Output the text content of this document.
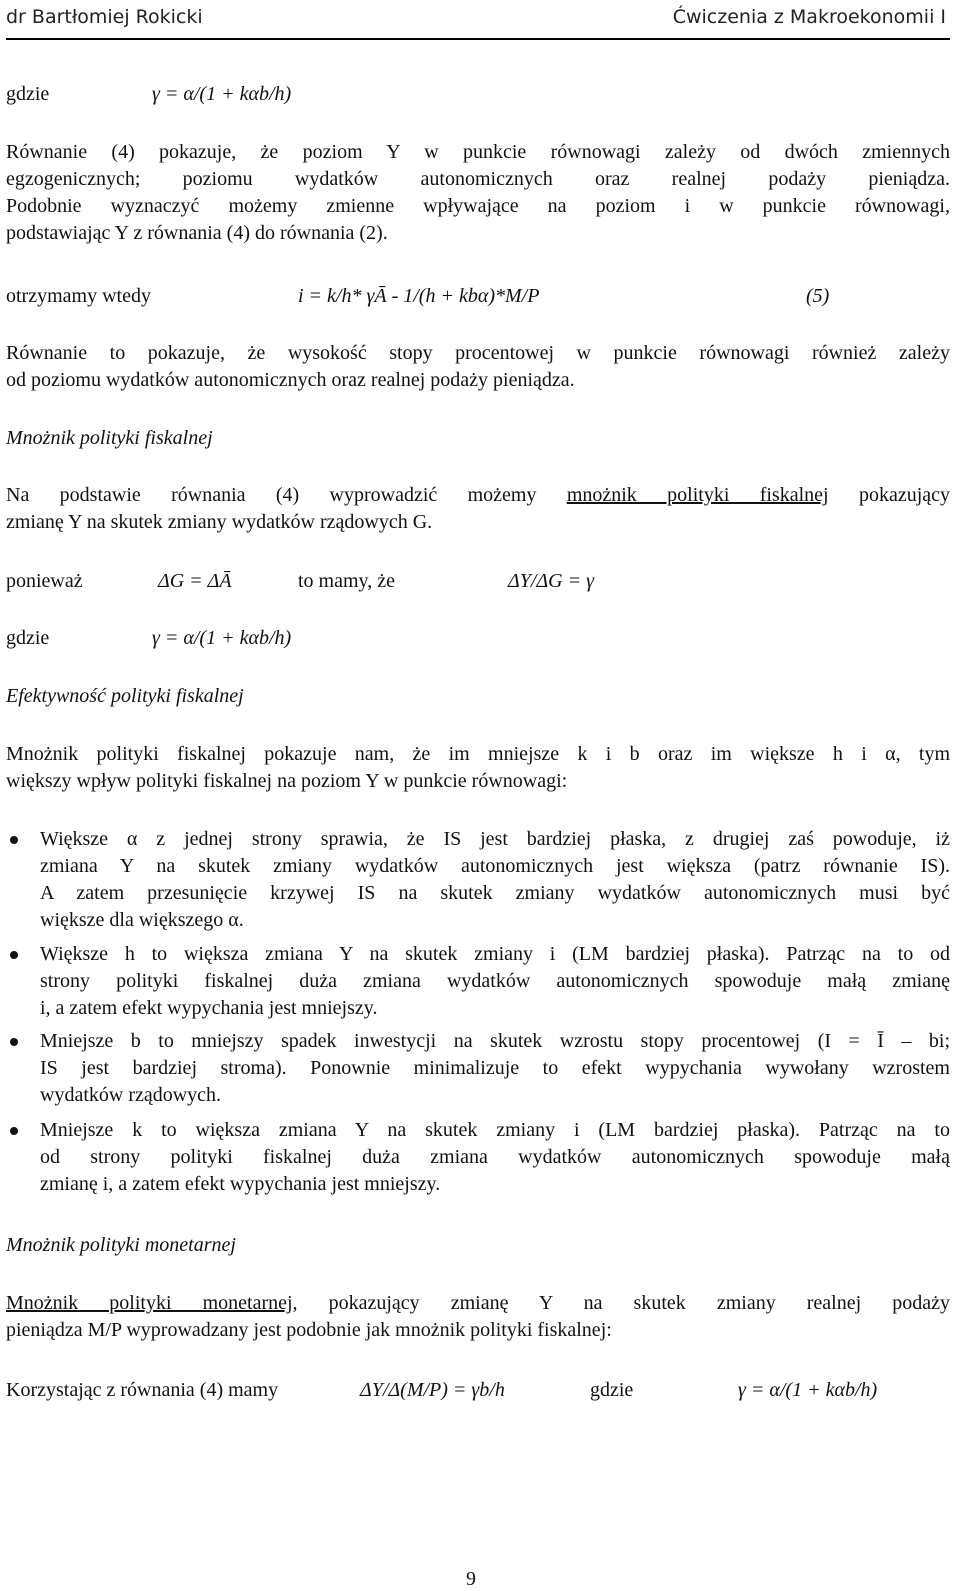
dr Bartłomiej Rokicki	Ćwiczenia z Makroekonomii I
gdzie	γ = α/(1 + kαb/h)
Równanie (4) pokazuje, że poziom Y w punkcie równowagi zależy od dwóch zmiennych
egzogenicznych; poziomu wydatków autonomicznych oraz realnej podaży pieniądza.
Podobnie wyznaczyć możemy zmienne wpływające na poziom i w punkcie równowagi,
podstawiając Y z równania (4) do równania (2).
otrzymamy wtedy	i = k/h* γĀ - 1/(h + kbα)*M/P	(5)
Równanie to pokazuje, że wysokość stopy procentowej w punkcie równowagi również zależy
od poziomu wydatków autonomicznych oraz realnej podaży pieniądza.
Mnożnik polityki fiskalnej
Na podstawie równania (4) wyprowadzić możemy mnożnik polityki fiskalnej pokazujący
zmianę Y na skutek zmiany wydatków rządowych G.
ponieważ	ΔG = ΔĀ	to mamy, że	ΔY/ΔG = γ
gdzie	γ = α/(1 + kαb/h)
Efektywność polityki fiskalnej
Mnożnik polityki fiskalnej pokazuje nam, że im mniejsze k i b oraz im większe h i α, tym
większy wpływ polityki fiskalnej na poziom Y w punkcie równowagi:
Większe α z jednej strony sprawia, że IS jest bardziej płaska, z drugiej zaś powoduje, iż
zmiana Y na skutek zmiany wydatków autonomicznych jest większa (patrz równanie IS).
A zatem przesunięcie krzywej IS na skutek zmiany wydatków autonomicznych musi być
większe dla większego α.
Większe h to większa zmiana Y na skutek zmiany i (LM bardziej płaska). Patrząc na to od
strony polityki fiskalnej duża zmiana wydatków autonomicznych spowoduje małą zmianę
i, a zatem efekt wypychania jest mniejszy.
Mniejsze b to mniejszy spadek inwestycji na skutek wzrostu stopy procentowej (I = Ī – bi;
IS jest bardziej stroma). Ponownie minimalizuje to efekt wypychania wywołany wzrostem
wydatków rządowych.
Mniejsze k to większa zmiana Y na skutek zmiany i (LM bardziej płaska). Patrząc na to
od strony polityki fiskalnej duża zmiana wydatków autonomicznych spowoduje małą
zmianę i, a zatem efekt wypychania jest mniejszy.
Mnożnik polityki monetarnej
Mnożnik polityki monetarnej, pokazujący zmianę Y na skutek zmiany realnej podaży
pieniądza M/P wyprowadzany jest podobnie jak mnożnik polityki fiskalnej:
Korzystając z równania (4) mamy	ΔY/Δ(M/P) = γb/h	gdzie	γ = α/(1 + kαb/h)
9
